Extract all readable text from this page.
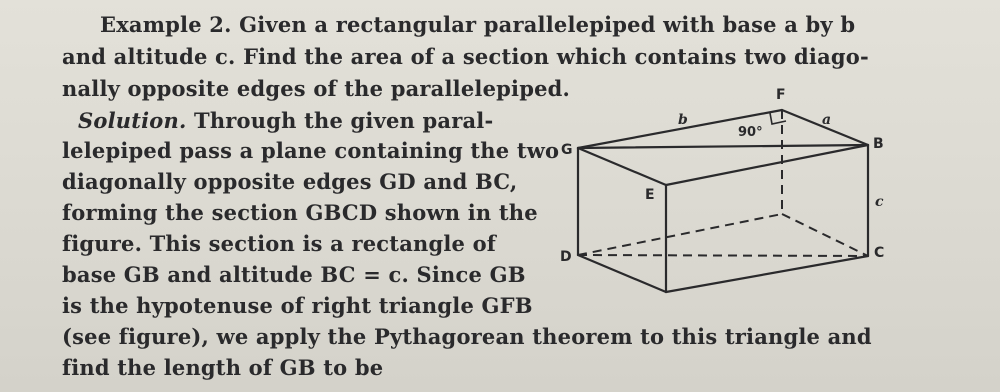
Example 2. Given a rectangular parallelepiped with base a by b
and altitude c. Find the area of a section which contains two diago-
nally opposite edges of the parallelepiped.
Solution. Through the given paral-
lelepiped pass a plane containing the two
diagonally opposite edges GD and BC,
forming the section GBCD shown in the
figure. This section is a rectangle of
base GB and altitude BC = c. Since GB
is the hypotenuse of right triangle GFB
(see figure), we apply the Pythagorean theorem to this triangle and
find the length of GB to be
F
b	a
90°
G	B
E	c
D	C
